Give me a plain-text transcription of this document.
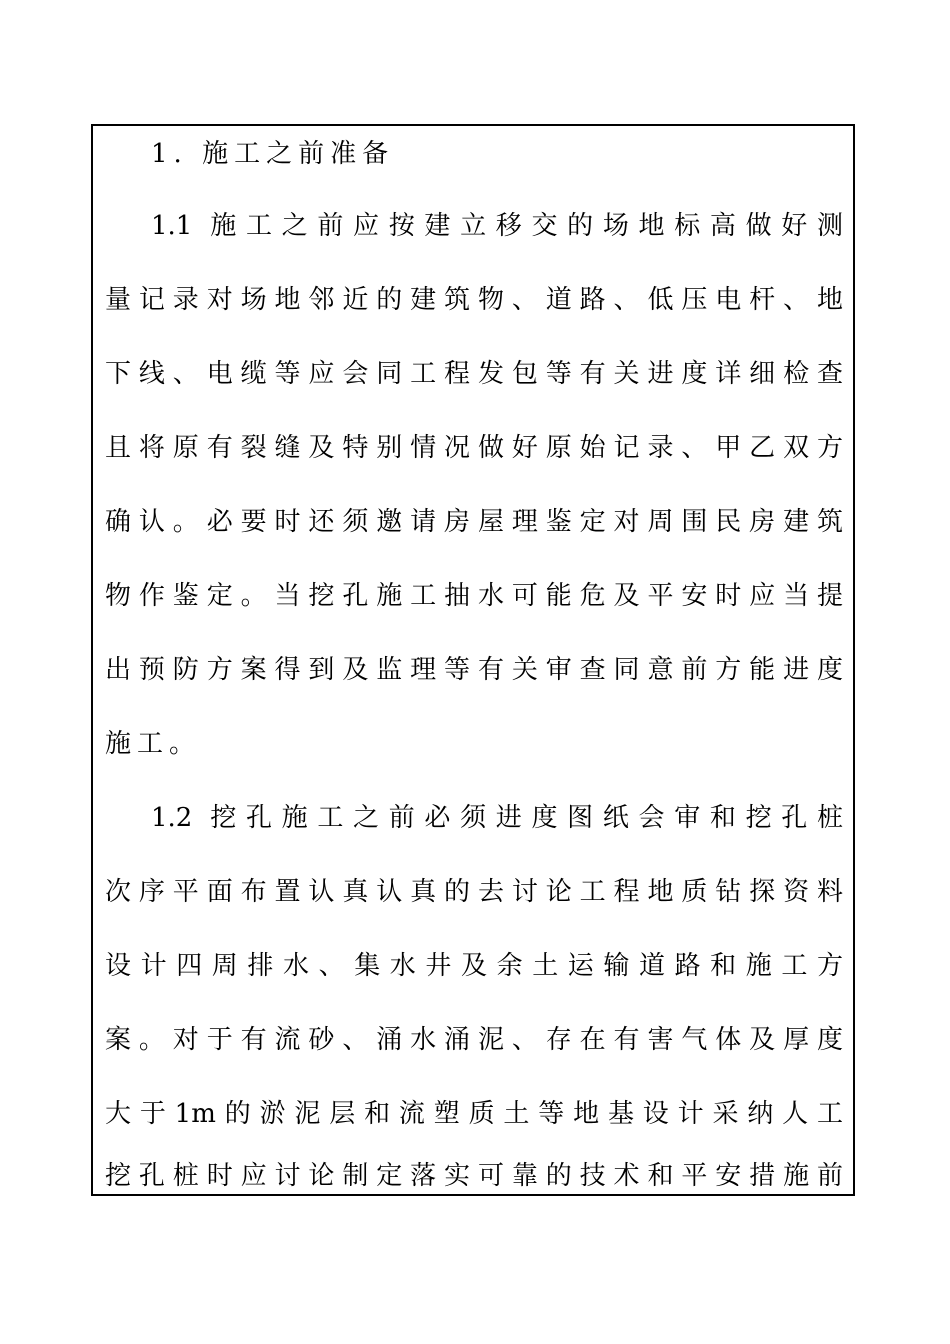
1. 施工之前准备
1.1 施工之前应按建立移交的场地标高做好测
量记录对场地邻近的建筑物、道路、低压电杆、地
下线、电缆等应会同工程发包等有关进度详细检查
且将原有裂缝及特别情况做好原始记录、甲乙双方
确认。必要时还须邀请房屋理鉴定对周围民房建筑
物作鉴定。当挖孔施工抽水可能危及平安时应当提
出预防方案得到及监理等有关审查同意前方能进度
施工。
1.2 挖孔施工之前必须进度图纸会审和挖孔桩
次序平面布置认真认真的去讨论工程地质钻探资料
设计四周排水、集水井及余土运输道路和施工方
案。对于有流砂、涌水涌泥、存在有害气体及厚度
大于1m的淤泥层和流塑质土等地基设计采纳人工
挖孔桩时应讨论制定落实可靠的技术和平安措施前
